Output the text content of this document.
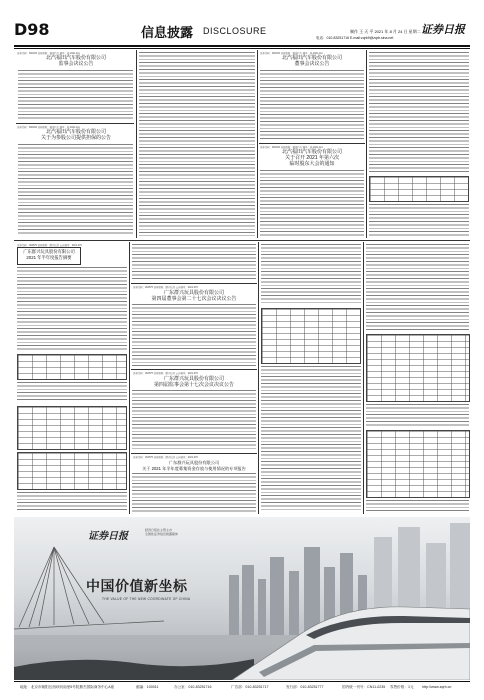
D98	信息披露 DISCLOSURE	制作 王 天 平 2021 年 8 月 24 日 星期二 证券日报
电话：010-83251716 E-mail:zqrb9@zqrb.sina.net
证券代码：600166 证券简称：福田汽车 编号：临 2021-111
北汽福田汽车股份有限公司
监事会决议公告
证券代码：600166 证券简称：福田汽车 编号：临 2021-111
北汽福田汽车股份有限公司
关于为参股公司提供担保的公告
证券代码：600166 证券简称：福田汽车 编号：临 2021-111
北汽福田汽车股份有限公司
董事会决议公告
证券代码：600166 证券简称：福田汽车 编号：临 2021-111
北汽福田汽车股份有限公司
关于召开 2021 年第六次
临时股东大会的通知
证券代码：002575 证券简称：群兴玩具 公告编号：2021-070
广东群兴玩具股份有限公司
2021 年半年度报告摘要
证券代码：002575 证券简称：群兴玩具 公告编号：2021-070
广东群兴玩具股份有限公司
第四届董事会第二十七次会议决议公告
证券代码：002575 证券简称：群兴玩具 公告编号：2021-070
广东群兴玩具股份有限公司
第四届监事会第十七次会议决议公告
证券代码：002575 证券简称：群兴玩具 公告编号：2021-070
广东群兴玩具股份有限公司
关于 2021 年半年度募集资金存放与使用情况的专项报告
证券日报
经济日报社主管主办
全国性证券信息披露媒体
中国价值新坐标
THE VALUE OF THE NEW COORDINATE OF CHINA
地址：北京市朝阳区西坝河南里5号院鼎杰国际商务中心A座	邮编：100011	办公室：010-83251716	广告部：010-83251717	发行部：010-83251777	国内统一刊号：CN11-0235 零售价格：1元 http://www.zqrb.cn
